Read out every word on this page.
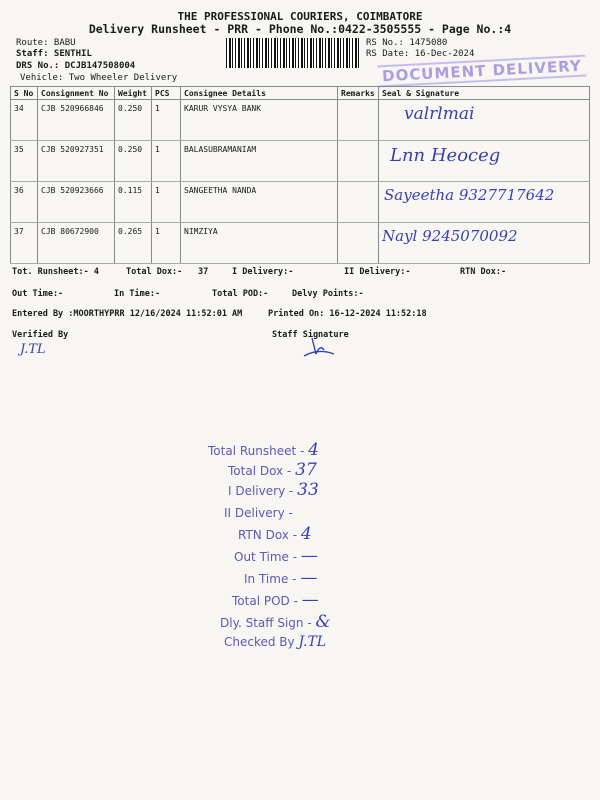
THE PROFESSIONAL COURIERS, COIMBATORE
Delivery Runsheet - PRR - Phone No.:0422-3505555 - Page No.:4
Route: BABU
Staff: SENTHIL
DRS No.: DCJB147508004
Vehicle: Two Wheeler Delivery
RS No.: 1475080
RS Date: 16-Dec-2024
DOCUMENT DELIVERY
S No	Consignment No	Weight	PCS	Consignee Details	Remarks	Seal & Signature
34	CJB 520966846	0.250	1	KARUR VYSYA BANK		valrlmai
35	CJB 520927351	0.250	1	BALASUBRAMANIAM		Lnn Heoceg
36	CJB 520923666	0.115	1	SANGEETHA NANDA		Sayeetha 9327717642
37	CJB 80672900	0.265	1	NIMZIYA		Nayl 9245070092
Tot. Runsheet:- 4	Total Dox:- 37	I Delivery:-	II Delivery:-	RTN Dox:-
Out Time:-	In Time:-	Total POD:-	Delvy Points:-
Entered By :MOORTHYPRR 12/16/2024 11:52:01 AM	Printed On: 16-12-2024 11:52:18
Verified By	Staff Signature
J.TL
Total Runsheet - 4
Total Dox - 37
I Delivery - 33
II Delivery -
RTN Dox - 4
Out Time - —
In Time - —
Total POD - —
Dly. Staff Sign - &
Checked By J.TL
